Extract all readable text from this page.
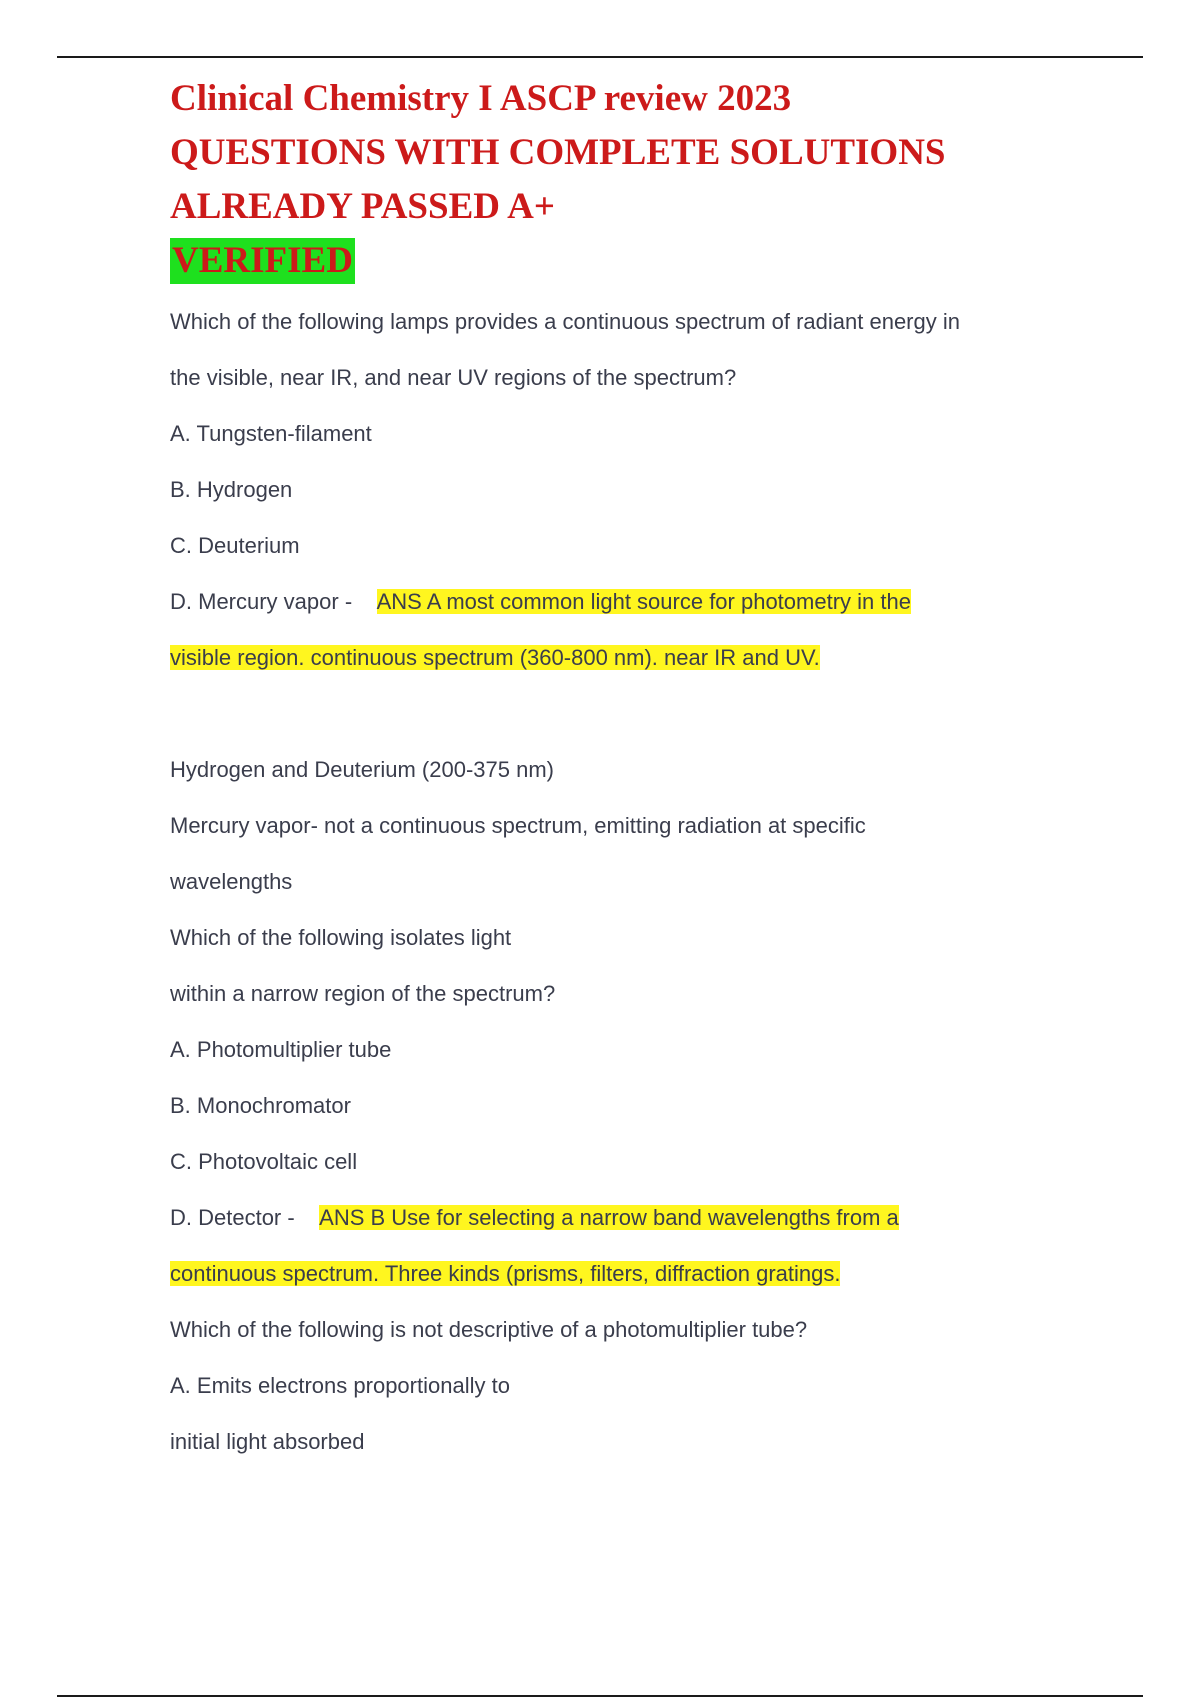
Clinical Chemistry I ASCP review 2023
QUESTIONS WITH COMPLETE SOLUTIONS
ALREADY PASSED A+
VERIFIED
Which of the following lamps provides a continuous spectrum of radiant energy in
the visible, near IR, and near UV regions of the spectrum?
A. Tungsten-filament
B. Hydrogen
C. Deuterium
D. Mercury vapor -    ANS A most common light source for photometry in the
visible region. continuous spectrum (360-800 nm). near IR and UV.
Hydrogen and Deuterium (200-375 nm)
Mercury vapor- not a continuous spectrum, emitting radiation at specific
wavelengths
Which of the following isolates light
within a narrow region of the spectrum?
A. Photomultiplier tube
B. Monochromator
C. Photovoltaic cell
D. Detector -    ANS B Use for selecting a narrow band wavelengths from a
continuous spectrum. Three kinds (prisms, filters, diffraction gratings.
Which of the following is not descriptive of a photomultiplier tube?
A. Emits electrons proportionally to
initial light absorbed
